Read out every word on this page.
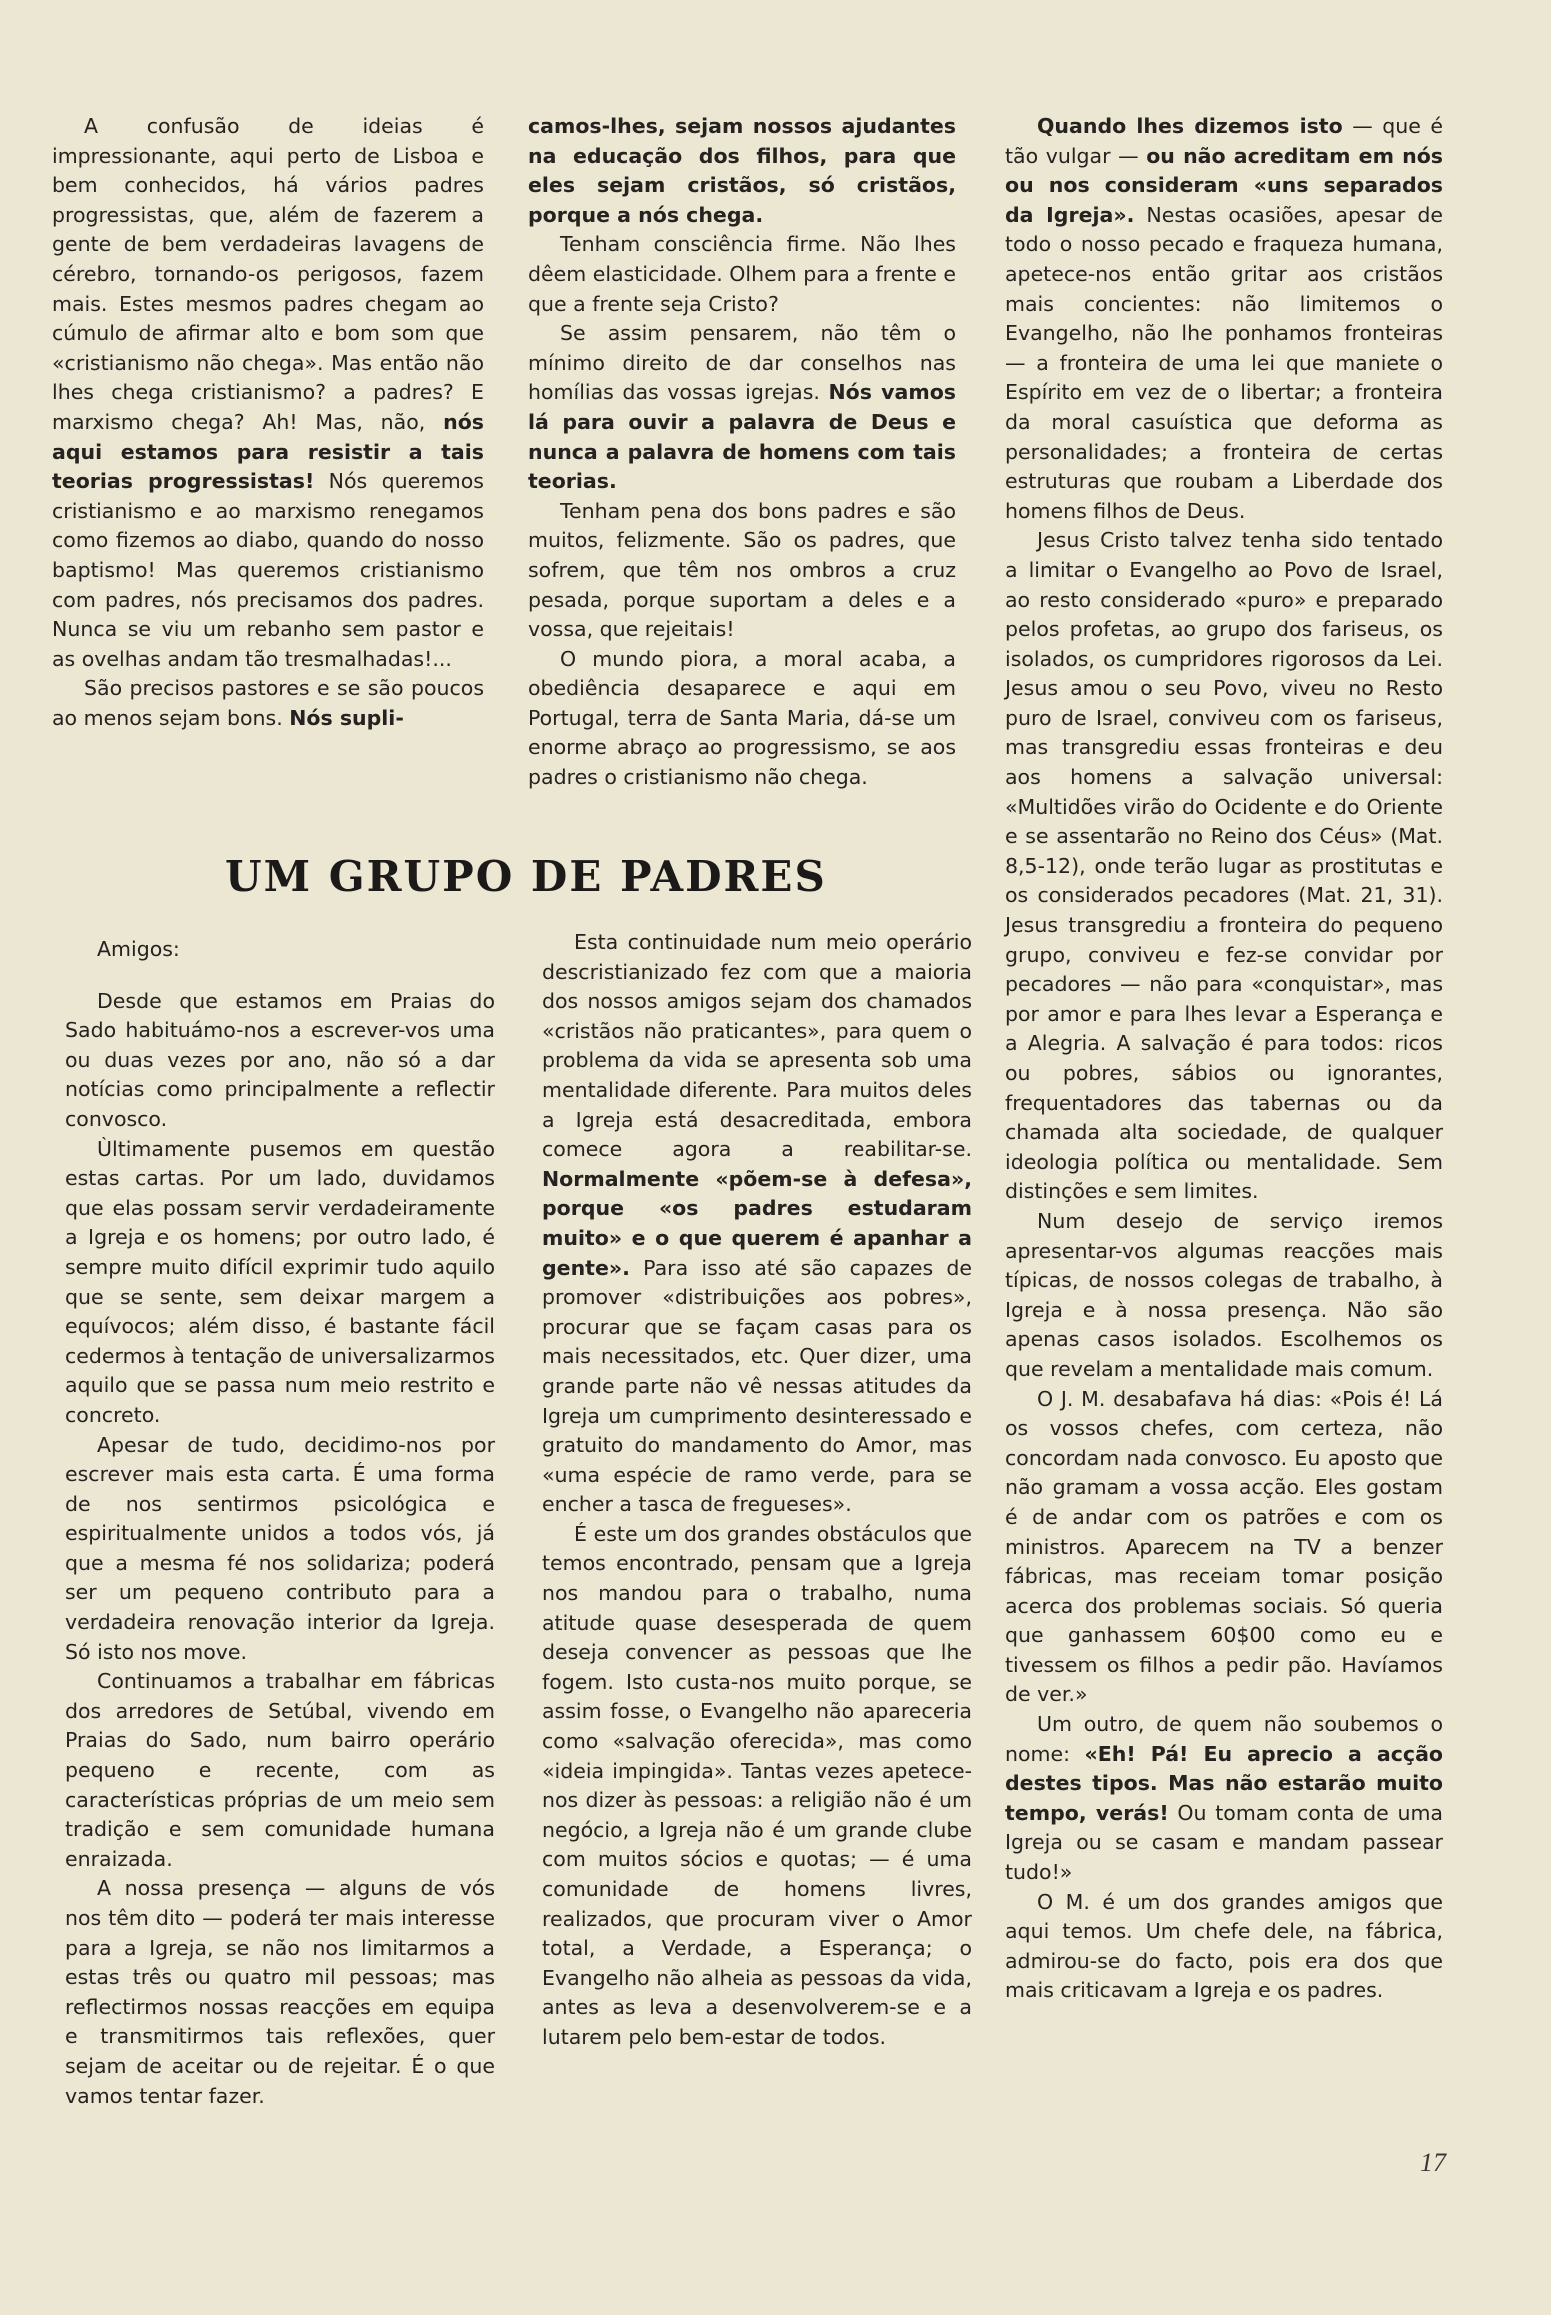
A confusão de ideias é impressionante, aqui perto de Lisboa e bem conhecidos, há vários padres progressistas, que, além de fazerem a gente de bem verdadeiras lavagens de cérebro, tornando-os perigosos, fazem mais. Estes mesmos padres chegam ao cúmulo de afirmar alto e bom som que «cristianismo não chega». Mas então não lhes chega cristianismo? a padres? E marxismo chega? Ah! Mas, não, nós aqui estamos para resistir a tais teorias progressistas! Nós queremos cristianismo e ao marxismo renegamos como fizemos ao diabo, quando do nosso baptismo! Mas queremos cristianismo com padres, nós precisamos dos padres. Nunca se viu um rebanho sem pastor e as ovelhas andam tão tresmalhadas!...

São precisos pastores e se são poucos ao menos sejam bons. Nós supli-

camos-lhes, sejam nossos ajudantes na educação dos filhos, para que eles sejam cristãos, só cristãos, porque a nós chega.

Tenham consciência firme. Não lhes dêem elasticidade. Olhem para a frente e que a frente seja Cristo?

Se assim pensarem, não têm o mínimo direito de dar conselhos nas homílias das vossas igrejas. Nós vamos lá para ouvir a palavra de Deus e nunca a palavra de homens com tais teorias.

Tenham pena dos bons padres e são muitos, felizmente. São os padres, que sofrem, que têm nos ombros a cruz pesada, porque suportam a deles e a vossa, que rejeitais!

O mundo piora, a moral acaba, a obediência desaparece e aqui em Portugal, terra de Santa Maria, dá-se um enorme abraço ao progressismo, se aos padres o cristianismo não chega.

Quando lhes dizemos isto — que é tão vulgar — ou não acreditam em nós ou nos consideram «uns separados da Igreja». Nestas ocasiões, apesar de todo o nosso pecado e fraqueza humana, apetece-nos então gritar aos cristãos mais concientes: não limitemos o Evangelho, não lhe ponhamos fronteiras — a fronteira de uma lei que maniete o Espírito em vez de o libertar; a fronteira da moral casuística que deforma as personalidades; a fronteira de certas estruturas que roubam a Liberdade dos homens filhos de Deus.

Jesus Cristo talvez tenha sido tentado a limitar o Evangelho ao Povo de Israel, ao resto considerado «puro» e preparado pelos profetas, ao grupo dos fariseus, os isolados, os cumpridores rigorosos da Lei. Jesus amou o seu Povo, viveu no Resto puro de Israel, conviveu com os fariseus, mas transgrediu essas fronteiras e deu aos homens a salvação universal: «Multidões virão do Ocidente e do Oriente e se assentarão no Reino dos Céus» (Mat. 8,5-12), onde terão lugar as prostitutas e os considerados pecadores (Mat. 21, 31). Jesus transgrediu a fronteira do pequeno grupo, conviveu e fez-se convidar por pecadores — não para «conquistar», mas por amor e para lhes levar a Esperança e a Alegria. A salvação é para todos: ricos ou pobres, sábios ou ignorantes, frequentadores das tabernas ou da chamada alta sociedade, de qualquer ideologia política ou mentalidade. Sem distinções e sem limites.

Num desejo de serviço iremos apresentar-vos algumas reacções mais típicas, de nossos colegas de trabalho, à Igreja e à nossa presença. Não são apenas casos isolados. Escolhemos os que revelam a mentalidade mais comum.

O J. M. desabafava há dias: «Pois é! Lá os vossos chefes, com certeza, não concordam nada convosco. Eu aposto que não gramam a vossa acção. Eles gostam é de andar com os patrões e com os ministros. Aparecem na TV a benzer fábricas, mas receiam tomar posição acerca dos problemas sociais. Só queria que ganhassem 60$00 como eu e tivessem os filhos a pedir pão. Havíamos de ver.»

Um outro, de quem não soubemos o nome: «Eh! Pá! Eu aprecio a acção destes tipos. Mas não estarão muito tempo, verás! Ou tomam conta de uma Igreja ou se casam e mandam passear tudo!»

O M. é um dos grandes amigos que aqui temos. Um chefe dele, na fábrica, admirou-se do facto, pois era dos que mais criticavam a Igreja e os padres.

UM GRUPO DE PADRES

Amigos:

Desde que estamos em Praias do Sado habituámo-nos a escrever-vos uma ou duas vezes por ano, não só a dar notícias como principalmente a reflectir convosco.

Ùltimamente pusemos em questão estas cartas. Por um lado, duvidamos que elas possam servir verdadeiramente a Igreja e os homens; por outro lado, é sempre muito difícil exprimir tudo aquilo que se sente, sem deixar margem a equívocos; além disso, é bastante fácil cedermos à tentação de universalizarmos aquilo que se passa num meio restrito e concreto.

Apesar de tudo, decidimo-nos por escrever mais esta carta. É uma forma de nos sentirmos psicológica e espiritualmente unidos a todos vós, já que a mesma fé nos solidariza; poderá ser um pequeno contributo para a verdadeira renovação interior da Igreja. Só isto nos move.

Continuamos a trabalhar em fábricas dos arredores de Setúbal, vivendo em Praias do Sado, num bairro operário pequeno e recente, com as características próprias de um meio sem tradição e sem comunidade humana enraizada.

A nossa presença — alguns de vós nos têm dito — poderá ter mais interesse para a Igreja, se não nos limitarmos a estas três ou quatro mil pessoas; mas reflectirmos nossas reacções em equipa e transmitirmos tais reflexões, quer sejam de aceitar ou de rejeitar. É o que vamos tentar fazer.

Esta continuidade num meio operário descristianizado fez com que a maioria dos nossos amigos sejam dos chamados «cristãos não praticantes», para quem o problema da vida se apresenta sob uma mentalidade diferente. Para muitos deles a Igreja está desacreditada, embora comece agora a reabilitar-se. Normalmente «põem-se à defesa», porque «os padres estudaram muito» e o que querem é apanhar a gente». Para isso até são capazes de promover «distribuições aos pobres», procurar que se façam casas para os mais necessitados, etc. Quer dizer, uma grande parte não vê nessas atitudes da Igreja um cumprimento desinteressado e gratuito do mandamento do Amor, mas «uma espécie de ramo verde, para se encher a tasca de fregueses».

É este um dos grandes obstáculos que temos encontrado, pensam que a Igreja nos mandou para o trabalho, numa atitude quase desesperada de quem deseja convencer as pessoas que lhe fogem. Isto custa-nos muito porque, se assim fosse, o Evangelho não apareceria como «salvação oferecida», mas como «ideia impingida». Tantas vezes apetece-nos dizer às pessoas: a religião não é um negócio, a Igreja não é um grande clube com muitos sócios e quotas; — é uma comunidade de homens livres, realizados, que procuram viver o Amor total, a Verdade, a Esperança; o Evangelho não alheia as pessoas da vida, antes as leva a desenvolverem-se e a lutarem pelo bem-estar de todos.

17
